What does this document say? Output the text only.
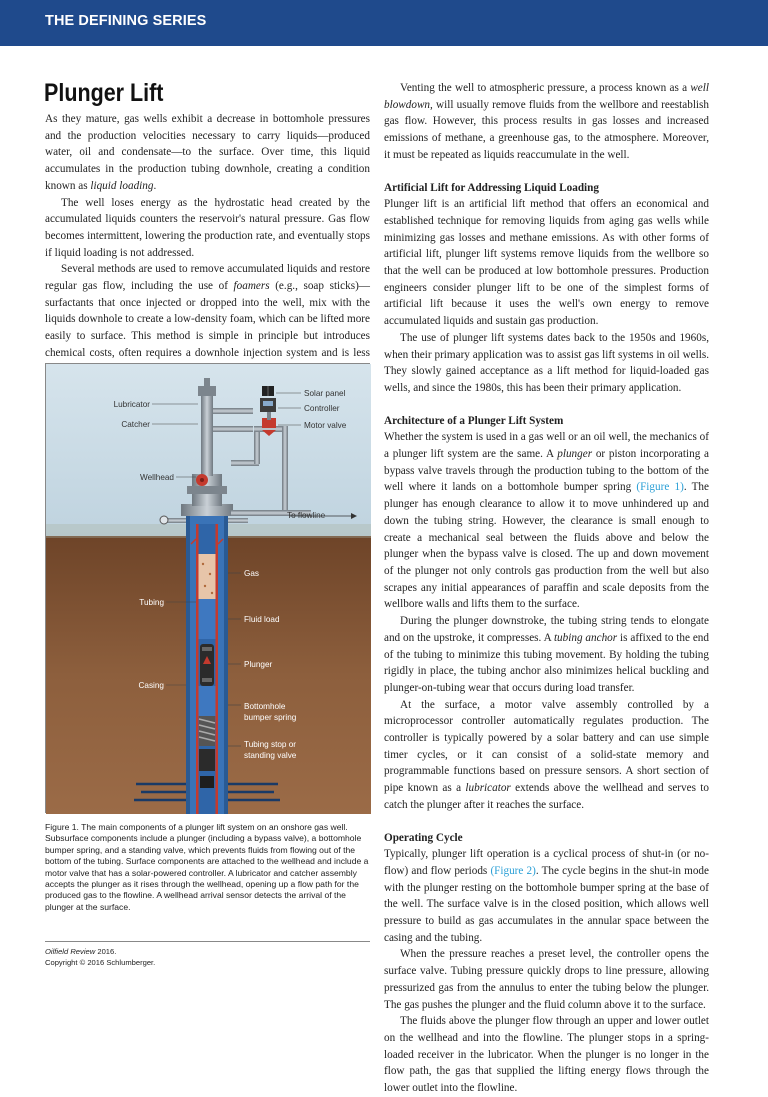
THE DEFINING SERIES
Plunger Lift

As they mature, gas wells exhibit a decrease in bottomhole pressures and the production velocities necessary to carry liquids—produced water, oil and condensate—to the surface. Over time, this liquid accumulates in the production tubing downhole, creating a condition known as liquid loading.

The well loses energy as the hydrostatic head created by the accumulated liquids counters the reservoir's natural pressure. Gas flow becomes intermittent, lowering the production rate, and eventually stops if liquid loading is not addressed.

Several methods are used to remove accumulated liquids and restore regular gas flow, including the use of foamers (e.g., soap sticks)—surfactants that once injected or dropped into the well, mix with the liquids downhole to create a low-density foam, which can be lifted more easily to surface. This method is simple in principle but introduces chemical costs, often requires a downhole injection system and is less

Venting the well to atmospheric pressure, a process known as a well blowdown, will usually remove fluids from the wellbore and reestablish gas flow. However, this process results in gas losses and increased emissions of methane, a greenhouse gas, to the atmosphere. Moreover, it must be repeated as liquids reaccumulate in the well.

Artificial Lift for Addressing Liquid Loading

Plunger lift is an artificial lift method that offers an economical and established technique for removing liquids from aging gas wells while minimizing gas losses and methane emissions. As with other forms of artificial lift, plunger lift systems remove liquids from the wellbore so that the well can be produced at low bottomhole pressures. Production engineers consider plunger lift to be one of the simplest forms of artificial lift because it uses the well's own energy to remove accumulated liquids and sustain gas production.

The use of plunger lift systems dates back to the 1950s and 1960s, when their primary application was to assist gas lift systems in oil wells. They slowly gained acceptance as a lift method for liquid-loaded gas wells, and since the 1980s, this has been their primary application.

Architecture of a Plunger Lift System

Whether the system is used in a gas well or an oil well, the mechanics of a plunger lift system are the same. A plunger or piston incorporating a bypass valve travels through the production tubing to the bottom of the well where it lands on a bottomhole bumper spring (Figure 1). The plunger has enough clearance to allow it to move unhindered up and down the tubing string. However, the clearance is small enough to create a mechanical seal between the fluids above and below the plunger when the bypass valve is closed. The up and down movement of the plunger not only controls gas production from the well but also scrapes any initial appearances of paraffin and scale deposits from the wellbore walls and lifts them to the surface.

During the plunger downstroke, the tubing string tends to elongate and on the upstroke, it compresses. A tubing anchor is affixed to the end of the tubing to minimize this tubing movement. By holding the tubing rigidly in place, the tubing anchor also minimizes helical buckling and plunger-on-tubing wear that occurs during load transfer.

At the surface, a motor valve assembly controlled by a microprocessor controller automatically regulates production. The controller is typically powered by a solar battery and can use simple timer cycles, or it can consist of a solid-state memory and programmable functions based on pressure sensors. A short section of pipe known as a lubricator extends above the wellhead and serves to catch the plunger after it reaches the surface.

Operating Cycle

Typically, plunger lift operation is a cyclical process of shut-in (or no-flow) and flow periods (Figure 2). The cycle begins in the shut-in mode with the plunger resting on the bottomhole bumper spring at the base of the well. The surface valve is in the closed position, which allows well pressure to build as gas accumulates in the annular space between the casing and the tubing.

When the pressure reaches a preset level, the controller opens the surface valve. Tubing pressure quickly drops to line pressure, allowing pressurized gas from the annulus to enter the tubing below the plunger. The gas pushes the plunger and the fluid column above it to the surface.

The fluids above the plunger flow through an upper and lower outlet on the wellhead and into the flowline. The plunger stops in a spring-loaded receiver in the lubricator. When the plunger is no longer in the flow path, the gas that supplied the lifting energy flows through the lower outlet into the flowline.

Lubricator
Catcher
Solar panel
Controller
Motor valve
Wellhead
To flowline
Gas
Tubing
Fluid load
Plunger
Casing
Bottomhole
bumper spring
Tubing stop or
standing valve
Figure 1. The main components of a plunger lift system on an onshore gas well. Subsurface components include a plunger (including a bypass valve), a bottomhole bumper spring, and a standing valve, which prevents fluids from flowing out of the bottom of the tubing. Surface components are attached to the wellhead and include a motor valve that has a solar-powered controller. A lubricator and catcher assembly accepts the plunger as it rises through the wellhead, opening up a flow path for the produced gas to the flowline. A wellhead arrival sensor detects the arrival of the plunger at the surface.
Oilfield Review 2016.
Copyright © 2016 Schlumberger.
